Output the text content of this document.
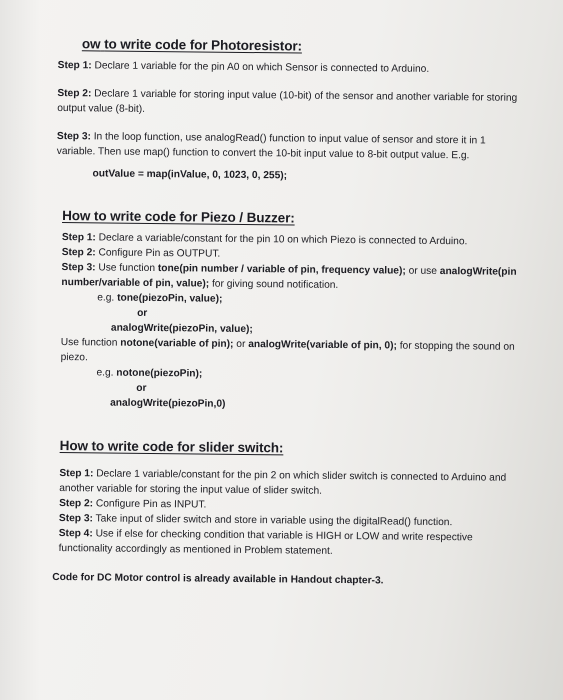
ow to write code for Photoresistor:

Step 1: Declare 1 variable for the pin A0 on which Sensor is connected to Arduino.

Step 2: Declare 1 variable for storing input value (10-bit) of the sensor and another variable for storing output value (8-bit).

Step 3: In the loop function, use analogRead() function to input value of sensor and store it in 1 variable. Then use map() function to convert the 10-bit input value to 8-bit output value. E.g.

outValue = map(inValue, 0, 1023, 0, 255);

How to write code for Piezo / Buzzer:

Step 1: Declare a variable/constant for the pin 10 on which Piezo is connected to Arduino.

Step 2: Configure Pin as OUTPUT.

Step 3: Use function tone(pin number / variable of pin, frequency value); or use analogWrite(pin number/variable of pin, value); for giving sound notification.

e.g. tone(piezoPin, value);

or

analogWrite(piezoPin, value);

Use function notone(variable of pin); or analogWrite(variable of pin, 0); for stopping the sound on piezo.

e.g. notone(piezoPin);

or

analogWrite(piezoPin,0)

How to write code for slider switch:

Step 1: Declare 1 variable/constant for the pin 2 on which slider switch is connected to Arduino and another variable for storing the input value of slider switch.

Step 2: Configure Pin as INPUT.

Step 3: Take input of slider switch and store in variable using the digitalRead() function.

Step 4: Use if else for checking condition that variable is HIGH or LOW and write respective functionality accordingly as mentioned in Problem statement.

Code for DC Motor control is already available in Handout chapter-3.
